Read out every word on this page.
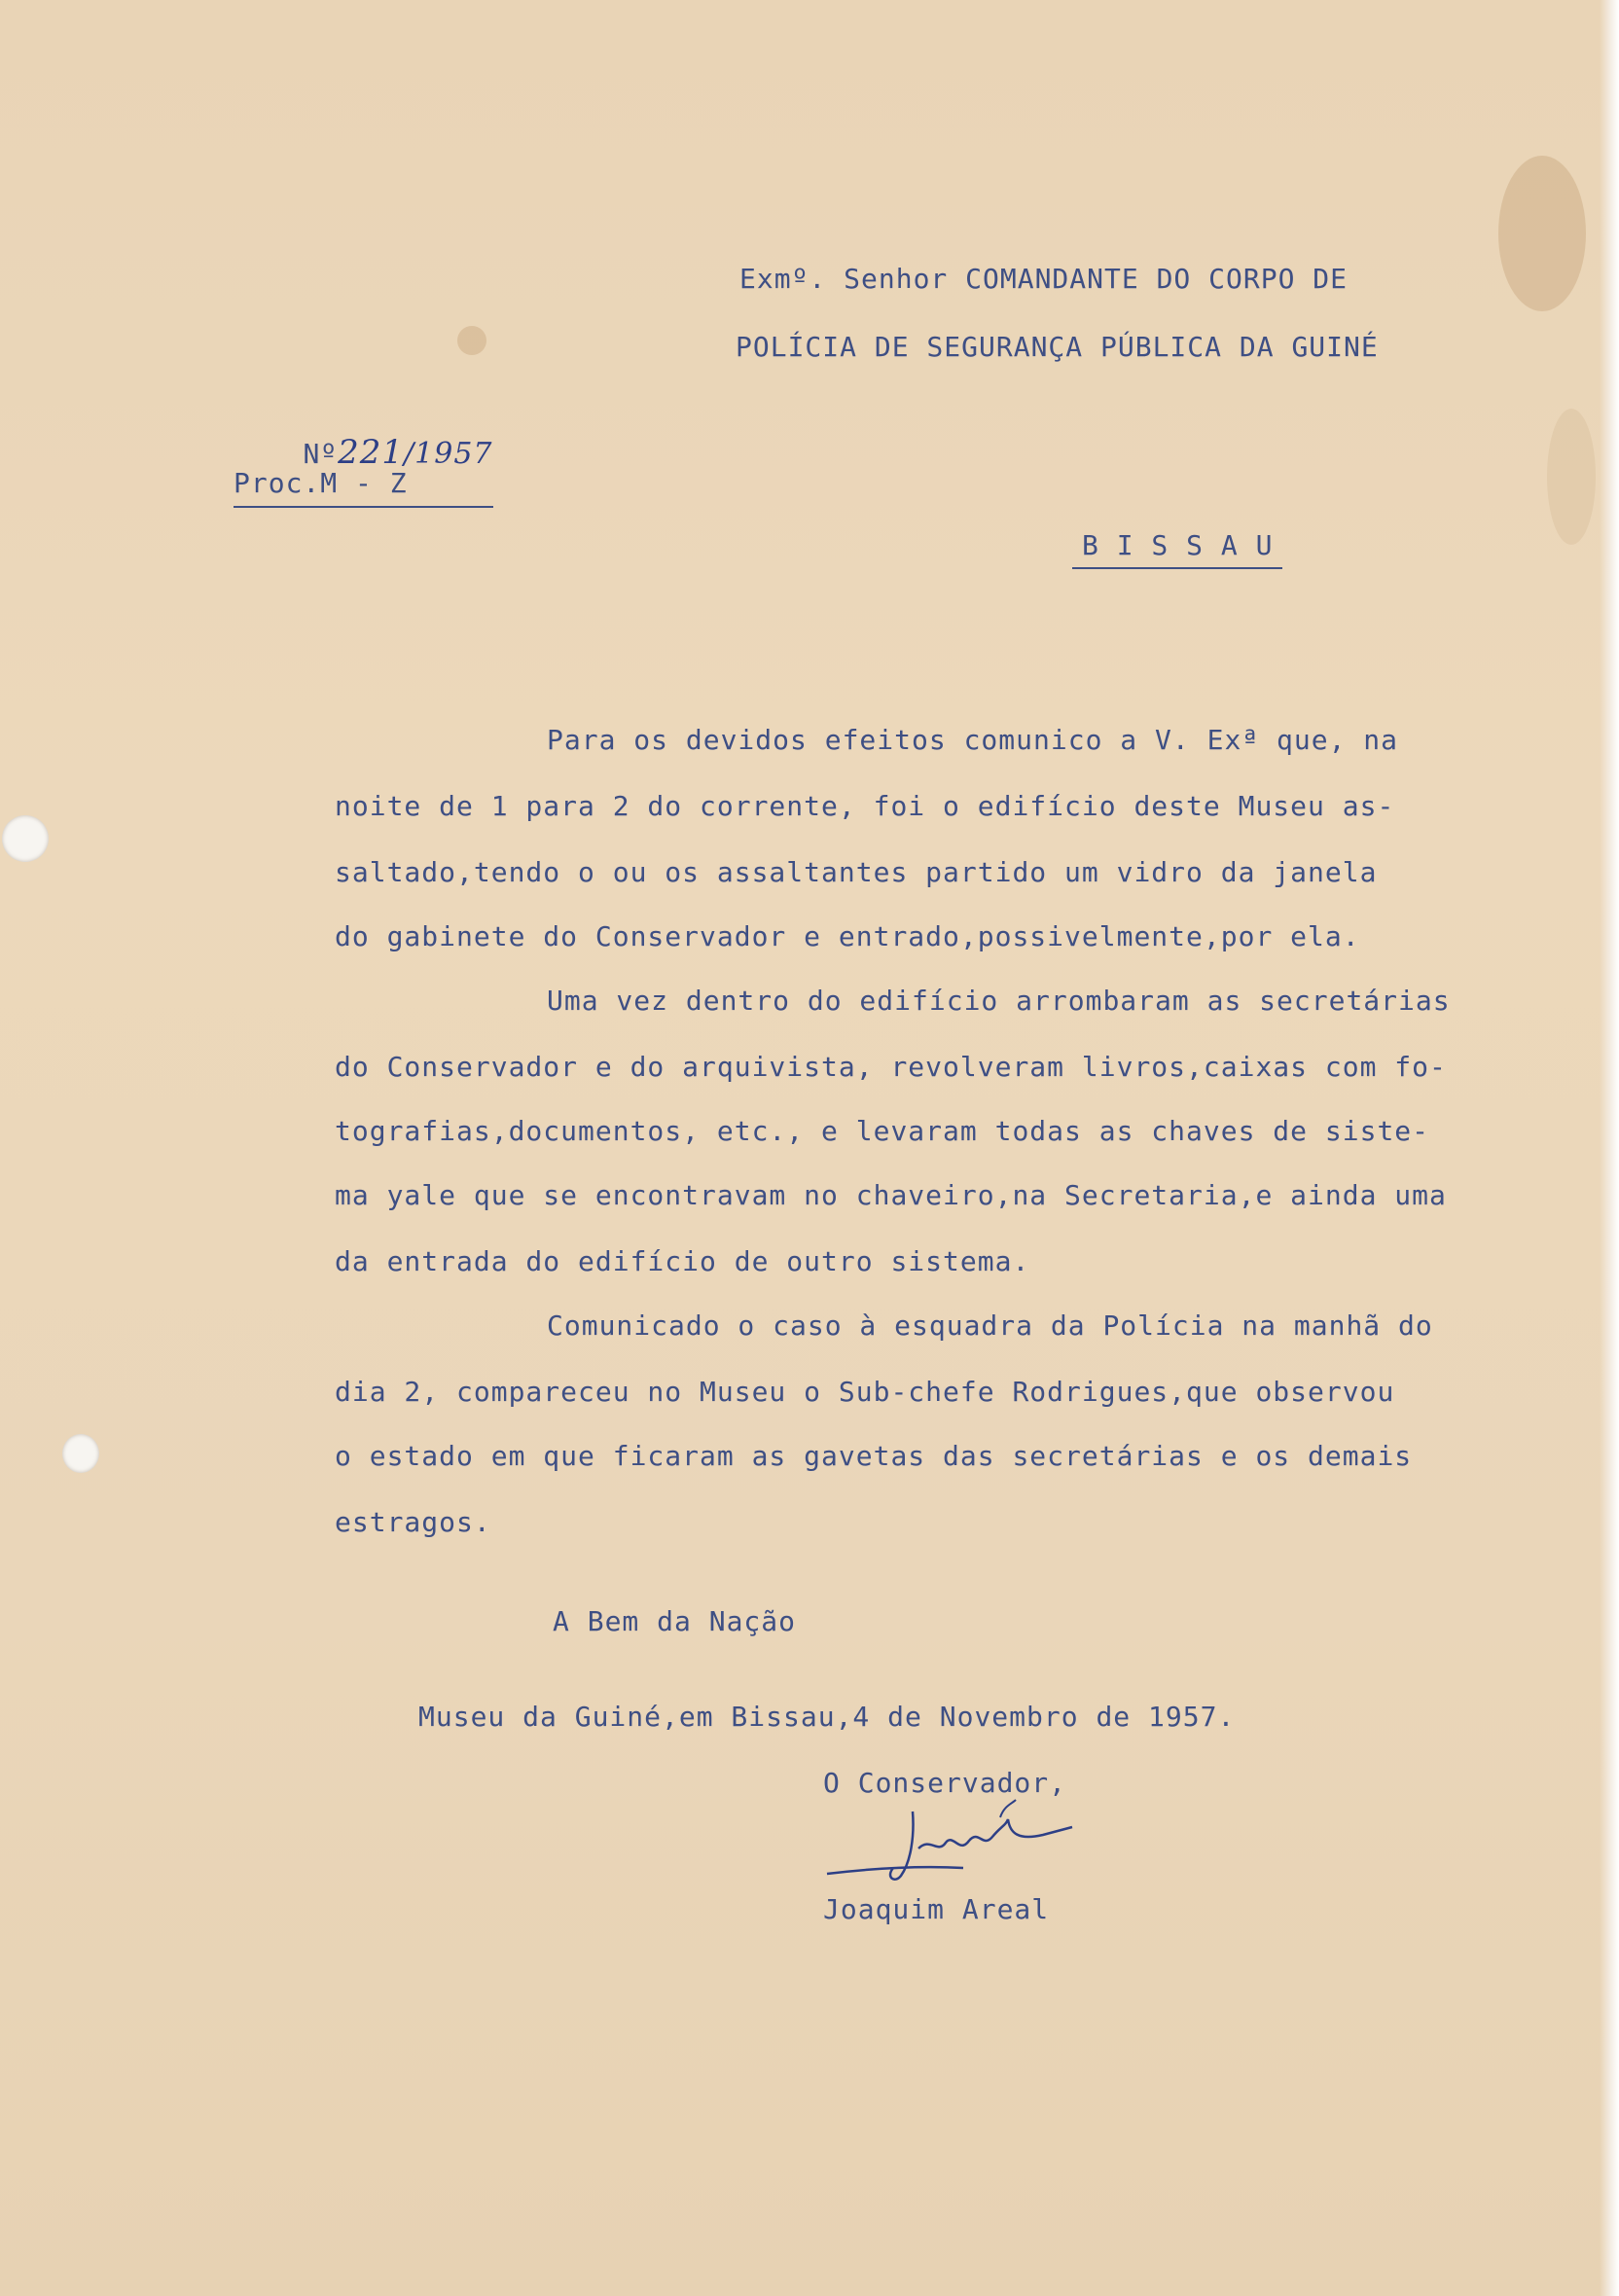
Exmº. Senhor COMANDANTE DO CORPO DE
POLÍCIA DE SEGURANÇA PÚBLICA DA GUINÉ

Nº221/1957

Proc.M - Z
B I S S A U
Para os devidos efeitos comunico a V. Exª que, na
noite de 1 para 2 do corrente, foi o edifício deste Museu as-
saltado,tendo o ou os assaltantes partido um vidro da janela
do gabinete do Conservador e entrado,possivelmente,por ela.
Uma vez dentro do edifício arrombaram as secretárias
do Conservador e do arquivista, revolveram livros,caixas com fo-
tografias,documentos, etc., e levaram todas as chaves de siste-
ma yale que se encontravam no chaveiro,na Secretaria,e ainda uma
da entrada do edifício de outro sistema.
Comunicado o caso à esquadra da Polícia na manhã do
dia 2, compareceu no Museu o Sub-chefe Rodrigues,que observou
o estado em que ficaram as gavetas das secretárias e os demais
estragos.
A Bem da Nação
Museu da Guiné,em Bissau,4 de Novembro de 1957.
O Conservador,
Joaquim Areal
